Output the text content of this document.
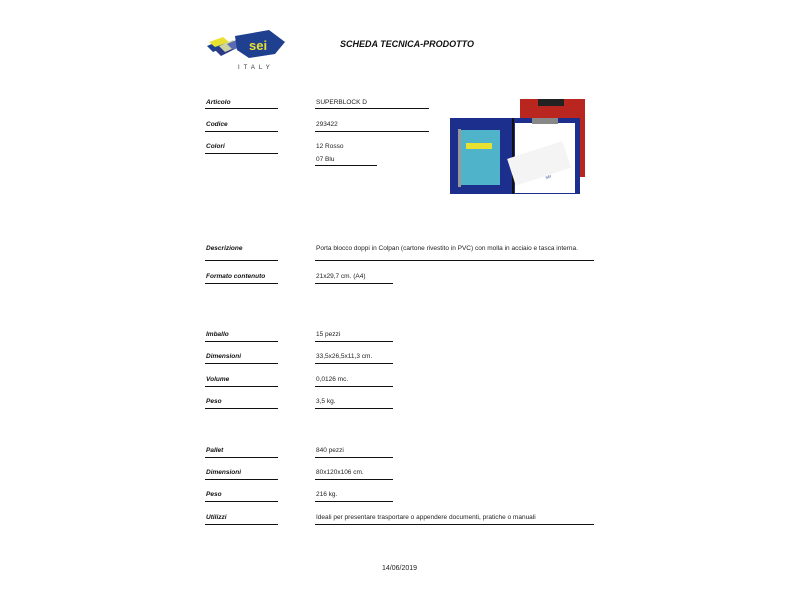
sei
ITALY
SCHEDA TECNICA-PRODOTTO
Articolo	SUPERBLOCK D
Codice	293422
Colori	12 Rosso
07 Blu
SEI
Descrizione	Porta blocco doppi in Colpan (cartone rivestito in PVC) con molla in acciaio e tasca interna.
Formato contenuto	21x29,7 cm. (A4)
Imballo	15 pezzi
Dimensioni	33,5x26,5x11,3 cm.
Volume	0,0126 mc.
Peso	3,5 kg.
Pallet	840 pezzi
Dimensioni	80x120x106 cm.
Peso	216 kg.
Utilizzi	Ideali per presentare trasportare o appendere documenti, pratiche o manuali
14/06/2019
